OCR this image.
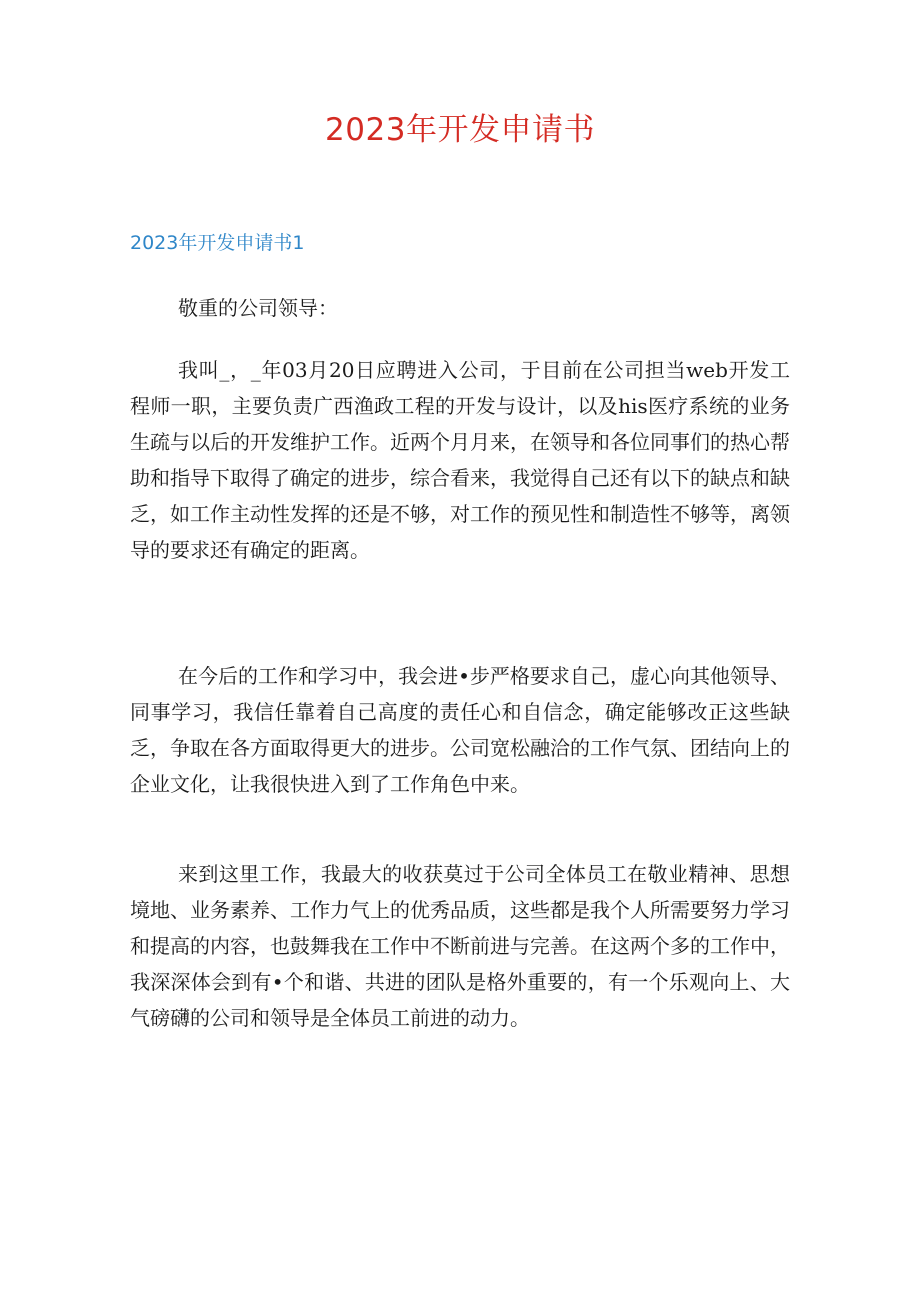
2023年开发申请书
2023年开发申请书1

敬重的公司领导：

我叫_，_年03月20日应聘进入公司，于目前在公司担当web开发工程师一职，主要负责广西渔政工程的开发与设计，以及his医疗系统的业务生疏与以后的开发维护工作。近两个月月来，在领导和各位同事们的热心帮助和指导下取得了确定的进步，综合看来，我觉得自己还有以下的缺点和缺乏，如工作主动性发挥的还是不够，对工作的预见性和制造性不够等，离领导的要求还有确定的距离。

在今后的工作和学习中，我会进•步严格要求自己，虚心向其他领导、同事学习，我信任靠着自己高度的责任心和自信念，确定能够改正这些缺乏，争取在各方面取得更大的进步。公司宽松融洽的工作气氛、团结向上的企业文化，让我很快进入到了工作角色中来。

来到这里工作，我最大的收获莫过于公司全体员工在敬业精神、思想境地、业务素养、工作力气上的优秀品质，这些都是我个人所需要努力学习和提高的内容，也鼓舞我在工作中不断前进与完善。在这两个多的工作中，我深深体会到有•个和谐、共进的团队是格外重要的，有一个乐观向上、大气磅礴的公司和领导是全体员工前进的动力。
